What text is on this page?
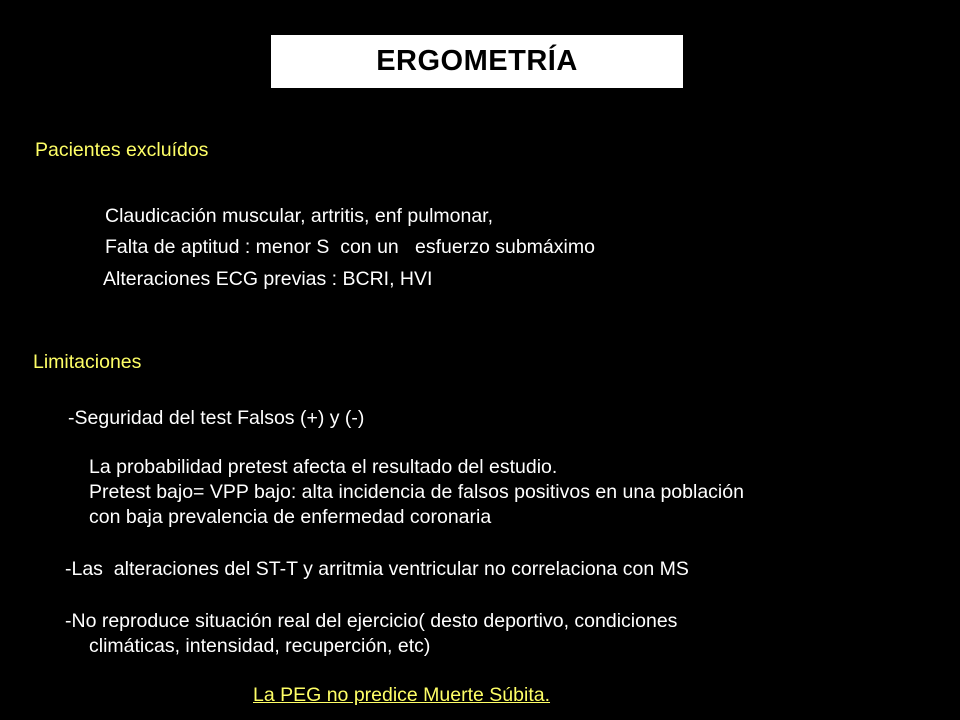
ERGOMETRÍA
Pacientes excluídos
Claudicación muscular, artritis, enf pulmonar,
Falta de aptitud : menor S  con un   esfuerzo submáximo
Alteraciones ECG previas : BCRI, HVI
Limitaciones
-Seguridad del test Falsos (+) y (-)
La probabilidad pretest afecta el resultado del estudio.
Pretest bajo= VPP bajo: alta incidencia de falsos positivos en una población
con baja prevalencia de enfermedad coronaria
-Las  alteraciones del ST-T y arritmia ventricular no correlaciona con MS
-No reproduce situación real del ejercicio( desto deportivo, condiciones
climáticas, intensidad, recuperción, etc)
La PEG no predice Muerte Súbita.
